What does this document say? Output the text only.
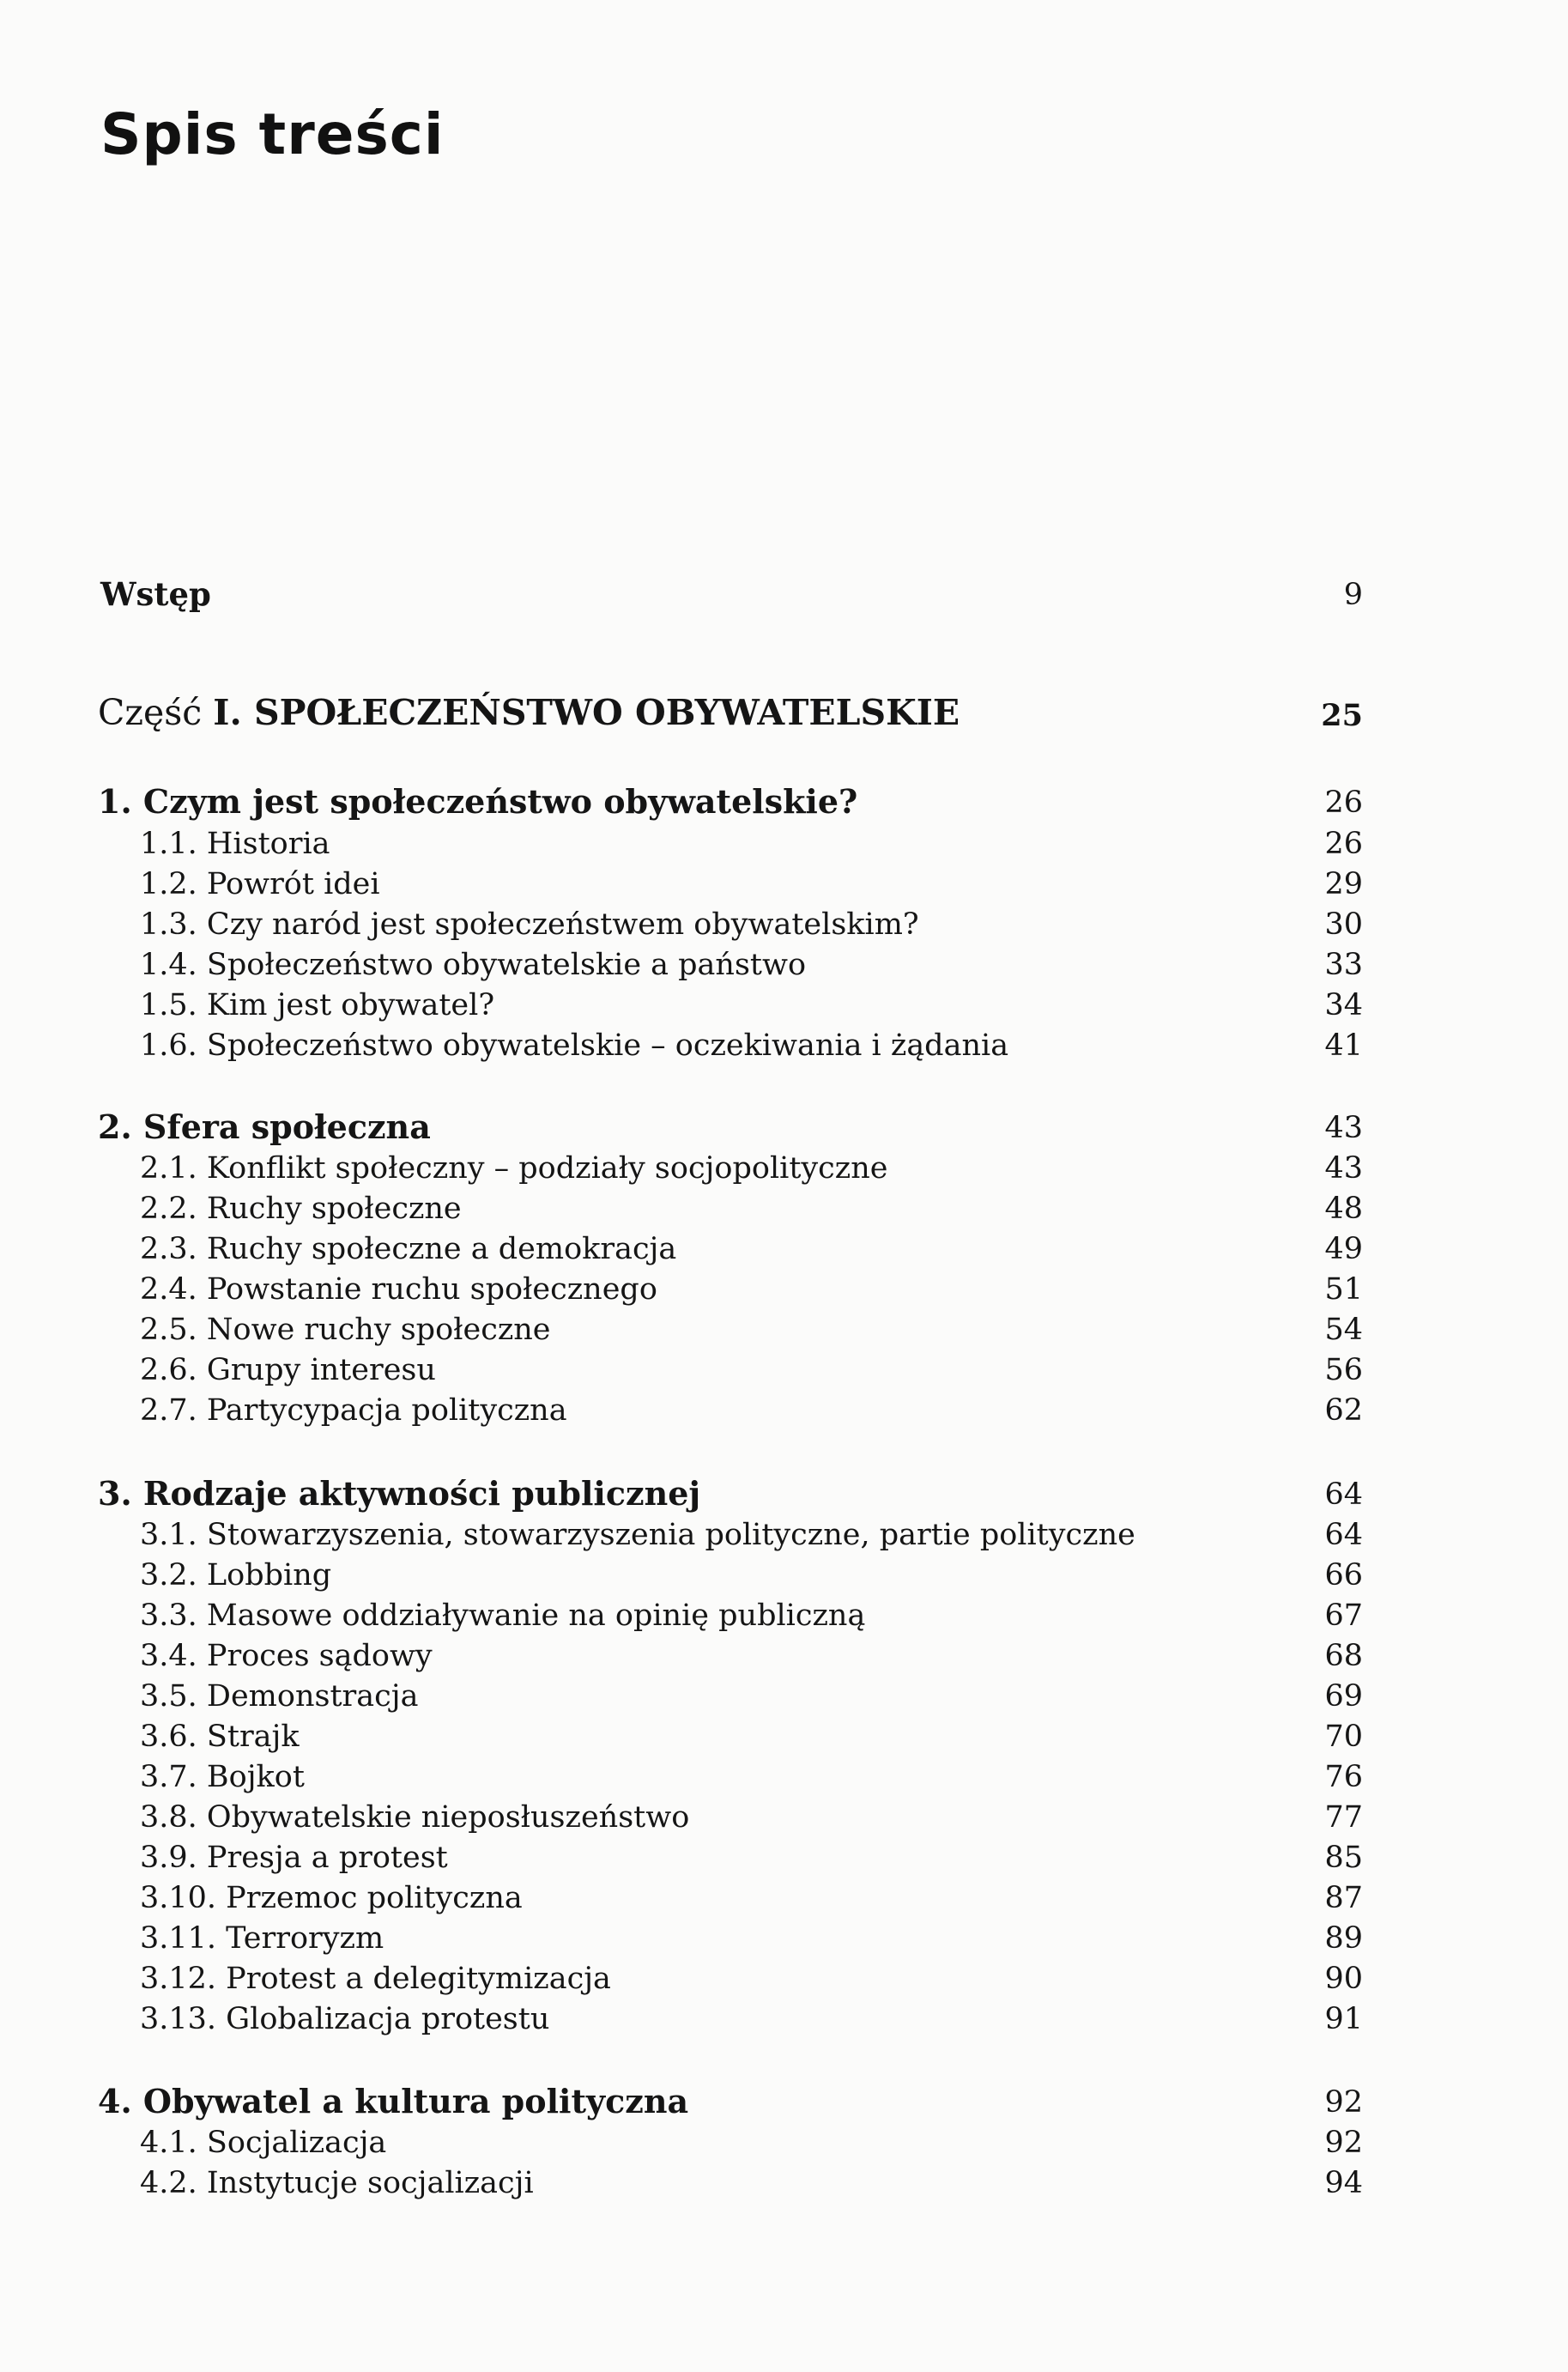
Spis treści
Wstęp	9
Część I. SPOŁECZEŃSTWO OBYWATELSKIE	25
1. Czym jest społeczeństwo obywatelskie?	26
1.1. Historia	26
1.2. Powrót idei	29
1.3. Czy naród jest społeczeństwem obywatelskim?	30
1.4. Społeczeństwo obywatelskie a państwo	33
1.5. Kim jest obywatel?	34
1.6. Społeczeństwo obywatelskie – oczekiwania i żądania	41
2. Sfera społeczna	43
2.1. Konflikt społeczny – podziały socjopolityczne	43
2.2. Ruchy społeczne	48
2.3. Ruchy społeczne a demokracja	49
2.4. Powstanie ruchu społecznego	51
2.5. Nowe ruchy społeczne	54
2.6. Grupy interesu	56
2.7. Partycypacja polityczna	62
3. Rodzaje aktywności publicznej	64
3.1. Stowarzyszenia, stowarzyszenia polityczne, partie polityczne	64
3.2. Lobbing	66
3.3. Masowe oddziaływanie na opinię publiczną	67
3.4. Proces sądowy	68
3.5. Demonstracja	69
3.6. Strajk	70
3.7. Bojkot	76
3.8. Obywatelskie nieposłuszeństwo	77
3.9. Presja a protest	85
3.10. Przemoc polityczna	87
3.11. Terroryzm	89
3.12. Protest a delegitymizacja	90
3.13. Globalizacja protestu	91
4. Obywatel a kultura polityczna	92
4.1. Socjalizacja	92
4.2. Instytucje socjalizacji	94
